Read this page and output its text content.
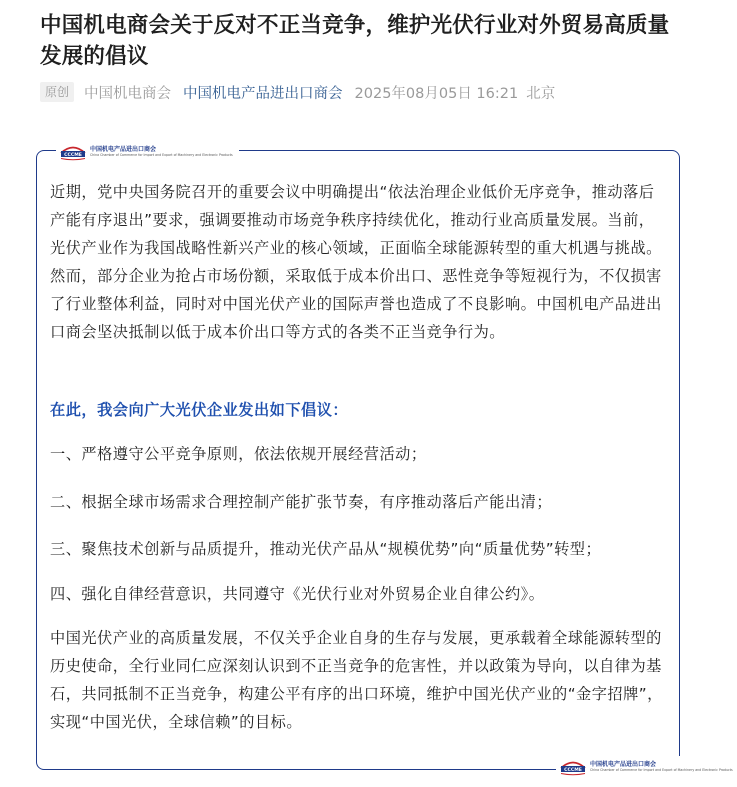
中国机电商会关于反对不正当竞争，维护光伏行业对外贸易高质量发展的倡议
原创	中国机电商会 中国机电产品进出口商会 2025年08月05日 16:21 北京
CCCME
中国机电产品进出口商会
China Chamber of Commerce for Import and Export of Machinery and Electronic Products

近期，党中央国务院召开的重要会议中明确提出“依法治理企业低价无序竞争，推动落后产能有序退出”要求，强调要推动市场竞争秩序持续优化，推动行业高质量发展。当前，光伏产业作为我国战略性新兴产业的核心领域，正面临全球能源转型的重大机遇与挑战。然而，部分企业为抢占市场份额，采取低于成本价出口、恶性竞争等短视行为，不仅损害了行业整体利益，同时对中国光伏产业的国际声誉也造成了不良影响。中国机电产品进出口商会坚决抵制以低于成本价出口等方式的各类不正当竞争行为。

在此，我会向广大光伏企业发出如下倡议：

一、严格遵守公平竞争原则，依法依规开展经营活动；

二、根据全球市场需求合理控制产能扩张节奏，有序推动落后产能出清；

三、聚焦技术创新与品质提升，推动光伏产品从“规模优势”向“质量优势”转型；

四、强化自律经营意识，共同遵守《光伏行业对外贸易企业自律公约》。

中国光伏产业的高质量发展，不仅关乎企业自身的生存与发展，更承载着全球能源转型的历史使命，全行业同仁应深刻认识到不正当竞争的危害性，并以政策为导向，以自律为基石，共同抵制不正当竞争，构建公平有序的出口环境，维护中国光伏产业的“金字招牌”，实现“中国光伏，全球信赖”的目标。

CCCME
中国机电产品进出口商会
China Chamber of Commerce for Import and Export of Machinery and Electronic Products
